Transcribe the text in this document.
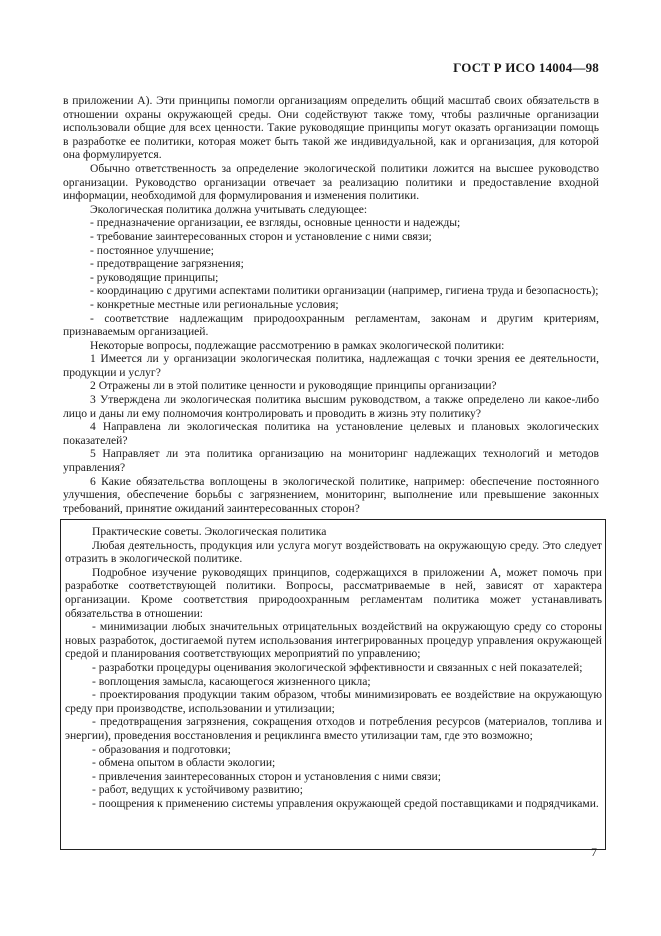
ГОСТ Р ИСО 14004—98

в приложении А). Эти принципы помогли организациям определить общий масштаб своих обязательств в отношении охраны окружающей среды. Они содействуют также тому, чтобы различные организации использовали общие для всех ценности. Такие руководящие принципы могут оказать организации помощь в разработке ее политики, которая может быть такой же индивидуальной, как и организация, для которой она формулируется.

Обычно ответственность за определение экологической политики ложится на высшее руководство организации. Руководство организации отвечает за реализацию политики и предоставление входной информации, необходимой для формулирования и изменения политики.

Экологическая политика должна учитывать следующее:

- предназначение организации, ее взгляды, основные ценности и надежды;

- требование заинтересованных сторон и установление с ними связи;

- постоянное улучшение;

- предотвращение загрязнения;

- руководящие принципы;

- координацию с другими аспектами политики организации (например, гигиена труда и безопасность);

- конкретные местные или региональные условия;

- соответствие надлежащим природоохранным регламентам, законам и другим критериям, признаваемым организацией.

Некоторые вопросы, подлежащие рассмотрению в рамках экологической политики:

1 Имеется ли у организации экологическая политика, надлежащая с точки зрения ее деятельности, продукции и услуг?

2 Отражены ли в этой политике ценности и руководящие принципы организации?

3 Утверждена ли экологическая политика высшим руководством, а также определено ли какое-либо лицо и даны ли ему полномочия контролировать и проводить в жизнь эту политику?

4 Направлена ли экологическая политика на установление целевых и плановых экологических показателей?

5 Направляет ли эта политика организацию на мониторинг надлежащих технологий и методов управления?

6 Какие обязательства воплощены в экологической политике, например: обеспечение постоянного улучшения, обеспечение борьбы с загрязнением, мониторинг, выполнение или превышение законных требований, принятие ожиданий заинтересованных сторон?

Практические советы. Экологическая политика

Любая деятельность, продукция или услуга могут воздействовать на окружающую среду. Это следует отразить в экологической политике.

Подробное изучение руководящих принципов, содержащихся в приложении А, может помочь при разработке соответствующей политики. Вопросы, рассматриваемые в ней, зависят от характера организации. Кроме соответствия природоохранным регламентам политика может устанавливать обязательства в отношении:

- минимизации любых значительных отрицательных воздействий на окружающую среду со стороны новых разработок, достигаемой путем использования интегрированных процедур управления окружающей средой и планирования соответствующих мероприятий по управлению;

- разработки процедуры оценивания экологической эффективности и связанных с ней показателей;

- воплощения замысла, касающегося жизненного цикла;

- проектирования продукции таким образом, чтобы минимизировать ее воздействие на окружающую среду при производстве, использовании и утилизации;

- предотвращения загрязнения, сокращения отходов и потребления ресурсов (материалов, топлива и энергии), проведения восстановления и рециклинга вместо утилизации там, где это возможно;

- образования и подготовки;

- обмена опытом в области экологии;

- привлечения заинтересованных сторон и установления с ними связи;

- работ, ведущих к устойчивому развитию;

- поощрения к применению системы управления окружающей средой поставщиками и подрядчиками.

7
